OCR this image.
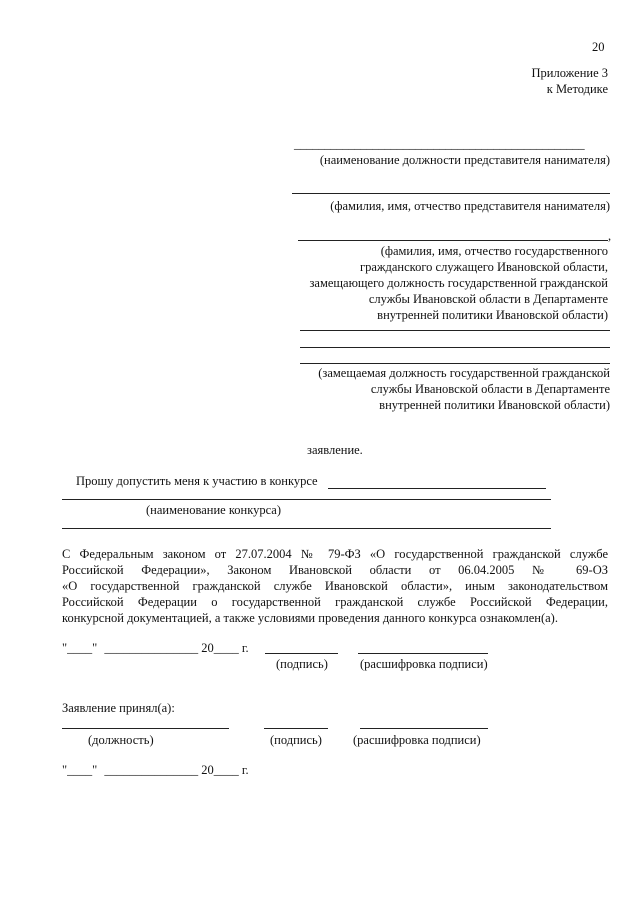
20
Приложение 3
к Методике
________________________________________________
(наименование должности представителя нанимателя)
(фамилия, имя, отчество представителя нанимателя)
,
(фамилия, имя, отчество государственного
гражданского служащего Ивановской области,
замещающего должность государственной гражданской
службы Ивановской области в Департаменте
внутренней политики Ивановской области)
(замещаемая должность государственной гражданской
службы Ивановской области в Департаменте
внутренней политики Ивановской области)
заявление.
Прошу допустить меня к участию в конкурсе
(наименование конкурса)
С Федеральным законом от 27.07.2004 № 79-ФЗ «О государственной гражданской службе
Российской Федерации», Законом Ивановской области от 06.04.2005 № 69-ОЗ
«О государственной гражданской службе Ивановской области», иным законодательством
Российской Федерации о государственной гражданской службе Российской Федерации,
конкурсной документацией, а также условиями проведения данного конкурса ознакомлен(а).
"____" _______________ 20____ г.
(подпись)	(расшифровка подписи)
Заявление принял(а):
(должность)	(подпись) (расшифровка подписи)
"____" _______________ 20____ г.
